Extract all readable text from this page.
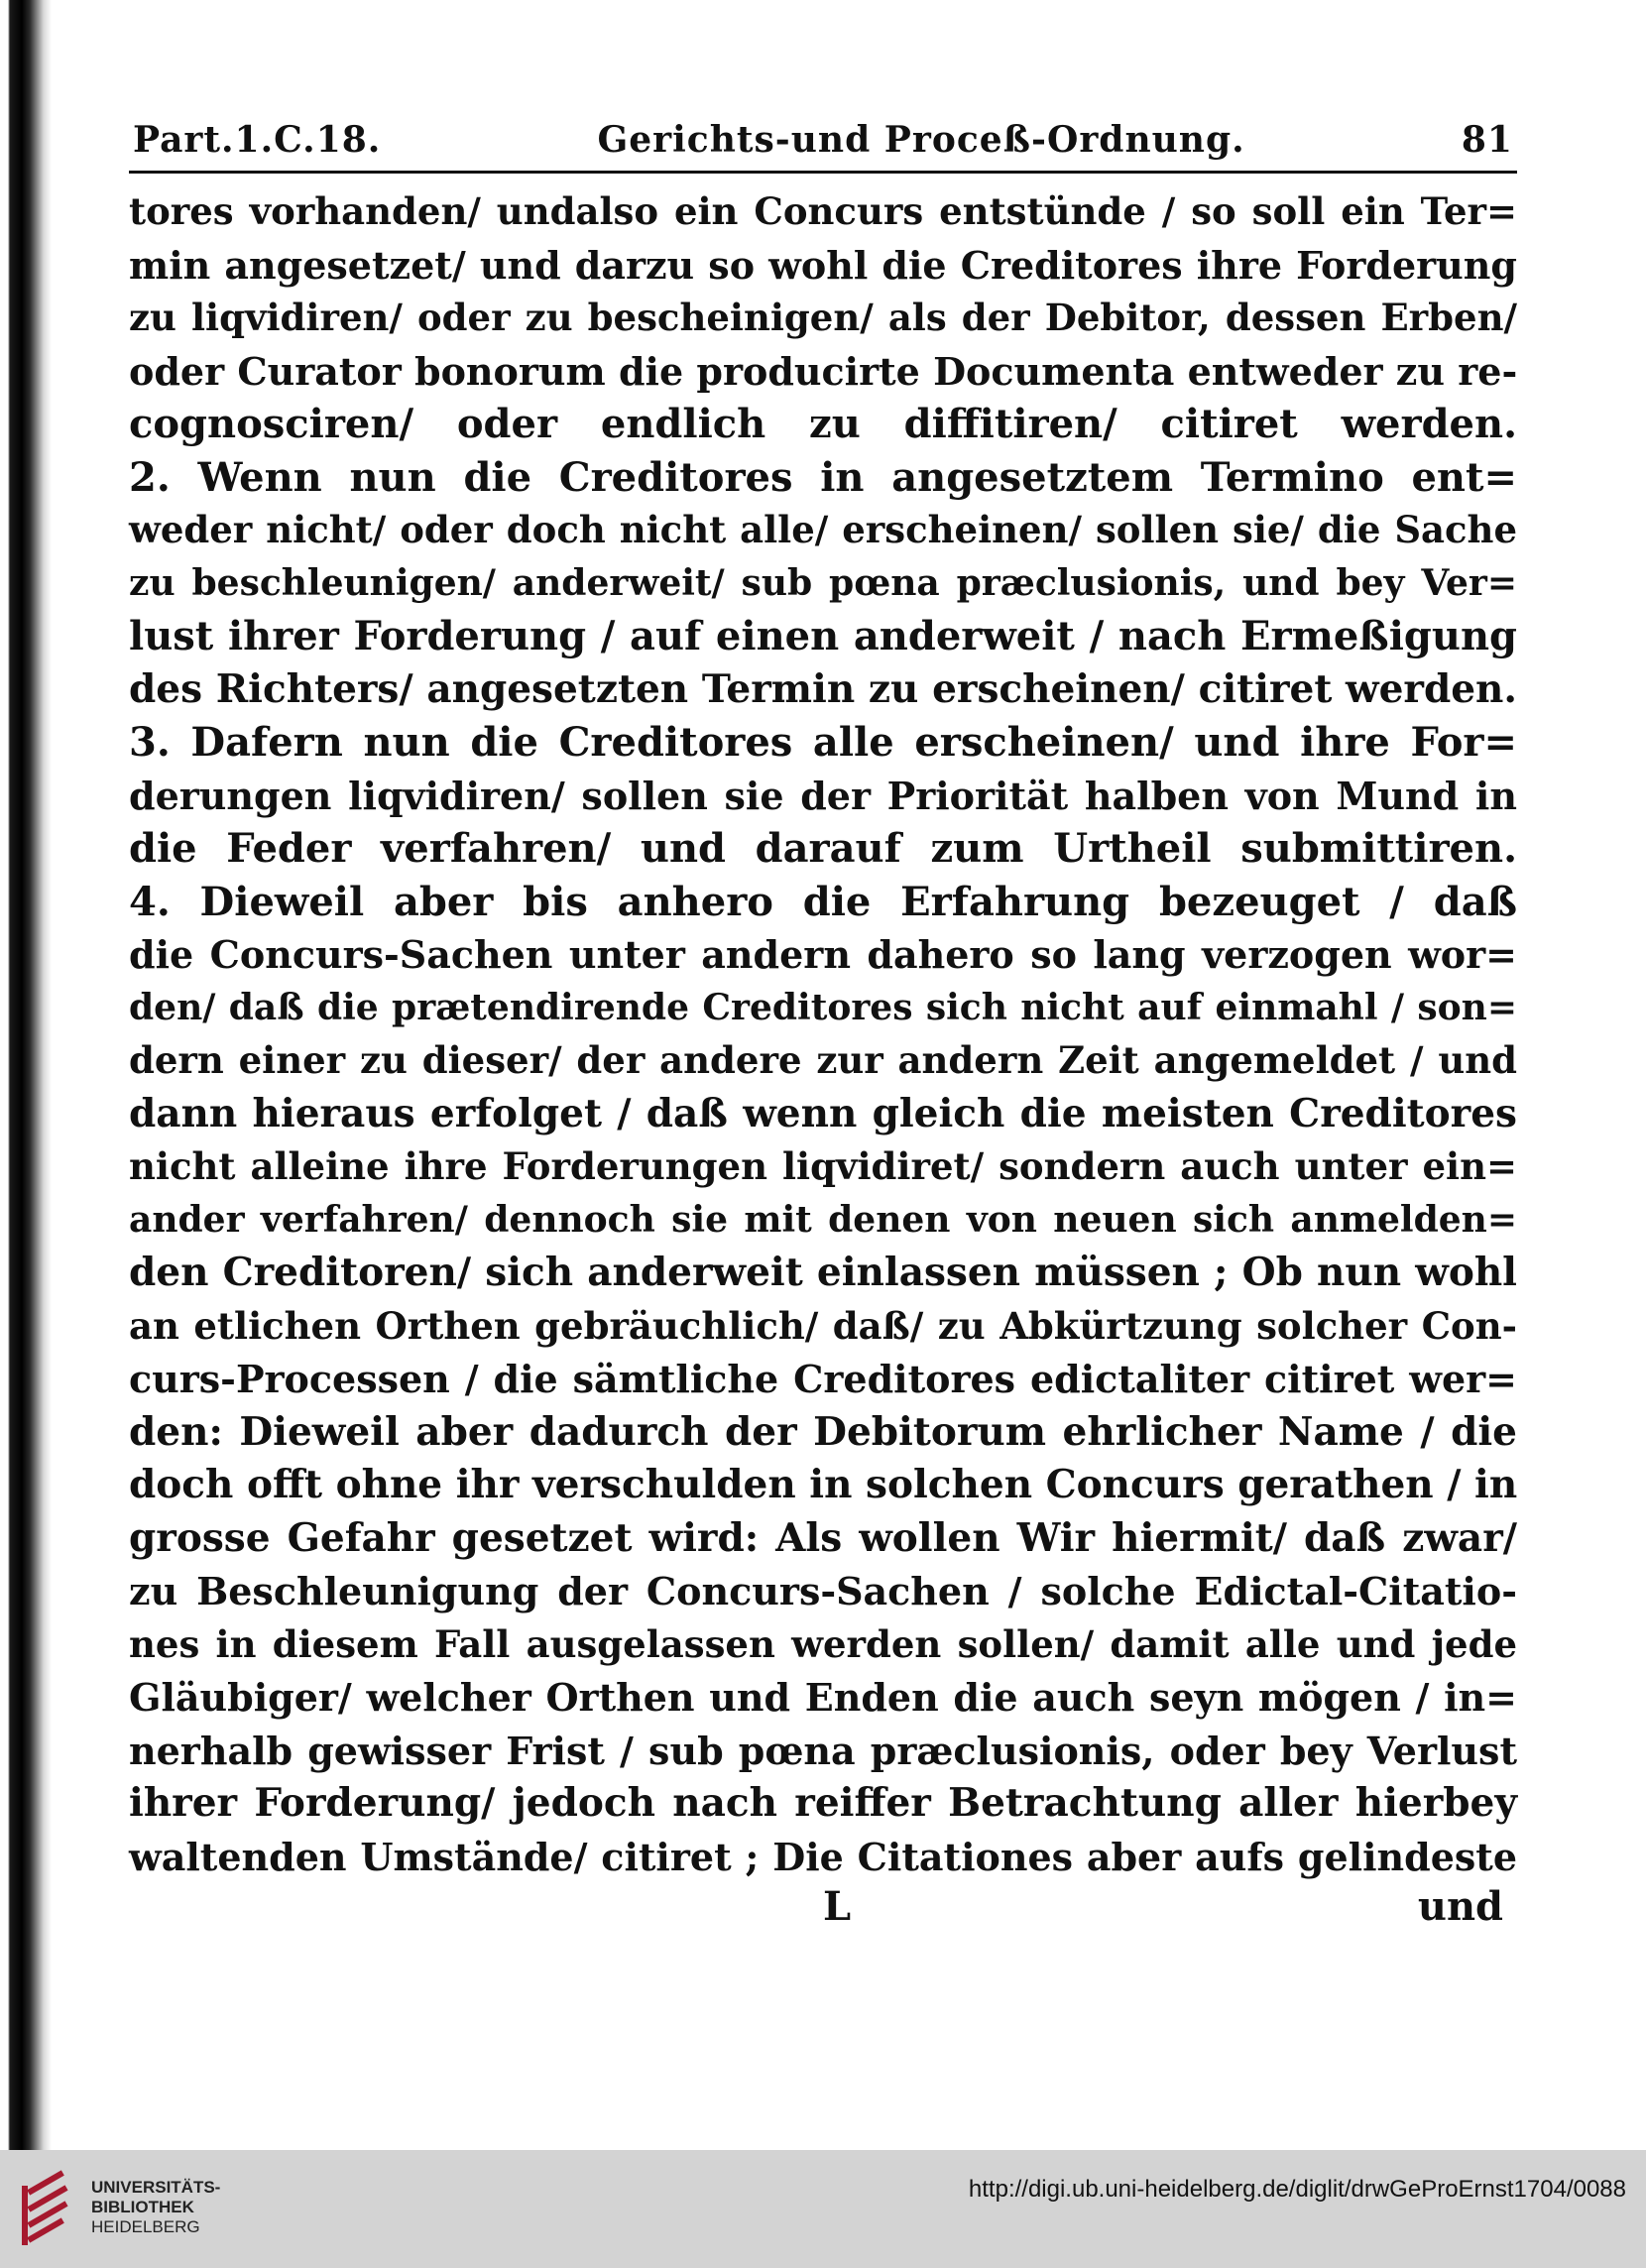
Part.1.C.18.	Gerichts-und Proceß-Ordnung.	81
tores vorhanden/ undalso ein Concurs entstünde / so soll ein Ter=
min angesetzet/ und darzu so wohl die Creditores ihre Forderung
zu liqvidiren/ oder zu bescheinigen/ als der Debitor, dessen Erben/
oder Curator bonorum die producirte Documenta entweder zu re-
cognosciren/ oder endlich zu diffitiren/ citiret werden.
2. Wenn nun die Creditores in angesetztem Termino ent=
weder nicht/ oder doch nicht alle/ erscheinen/ sollen sie/ die Sache
zu beschleunigen/ anderweit/ sub pœna præclusionis, und bey Ver=
lust ihrer Forderung / auf einen anderweit / nach Ermeßigung
des Richters/ angesetzten Termin zu erscheinen/ citiret werden.
3. Dafern nun die Creditores alle erscheinen/ und ihre For=
derungen liqvidiren/ sollen sie der Priorität halben von Mund in
die Feder verfahren/ und darauf zum Urtheil submittiren.
4. Dieweil aber bis anhero die Erfahrung bezeuget / daß
die Concurs-Sachen unter andern dahero so lang verzogen wor=
den/ daß die prætendirende Creditores sich nicht auf einmahl / son=
dern einer zu dieser/ der andere zur andern Zeit angemeldet / und
dann hieraus erfolget / daß wenn gleich die meisten Creditores
nicht alleine ihre Forderungen liqvidiret/ sondern auch unter ein=
ander verfahren/ dennoch sie mit denen von neuen sich anmelden=
den Creditoren/ sich anderweit einlassen müssen ; Ob nun wohl
an etlichen Orthen gebräuchlich/ daß/ zu Abkürtzung solcher Con-
curs-Processen / die sämtliche Creditores edictaliter citiret wer=
den: Dieweil aber dadurch der Debitorum ehrlicher Name / die
doch offt ohne ihr verschulden in solchen Concurs gerathen / in
grosse Gefahr gesetzet wird: Als wollen Wir hiermit/ daß zwar/
zu Beschleunigung der Concurs-Sachen / solche Edictal-Citatio-
nes in diesem Fall ausgelassen werden sollen/ damit alle und jede
Gläubiger/ welcher Orthen und Enden die auch seyn mögen / in=
nerhalb gewisser Frist / sub pœna præclusionis, oder bey Verlust
ihrer Forderung/ jedoch nach reiffer Betrachtung aller hierbey
waltenden Umstände/ citiret ; Die Citationes aber aufs gelindeste
L	und
UNIVERSITÄTS-
BIBLIOTHEK
HEIDELBERG
http://digi.ub.uni-heidelberg.de/diglit/drwGeProErnst1704/0088
